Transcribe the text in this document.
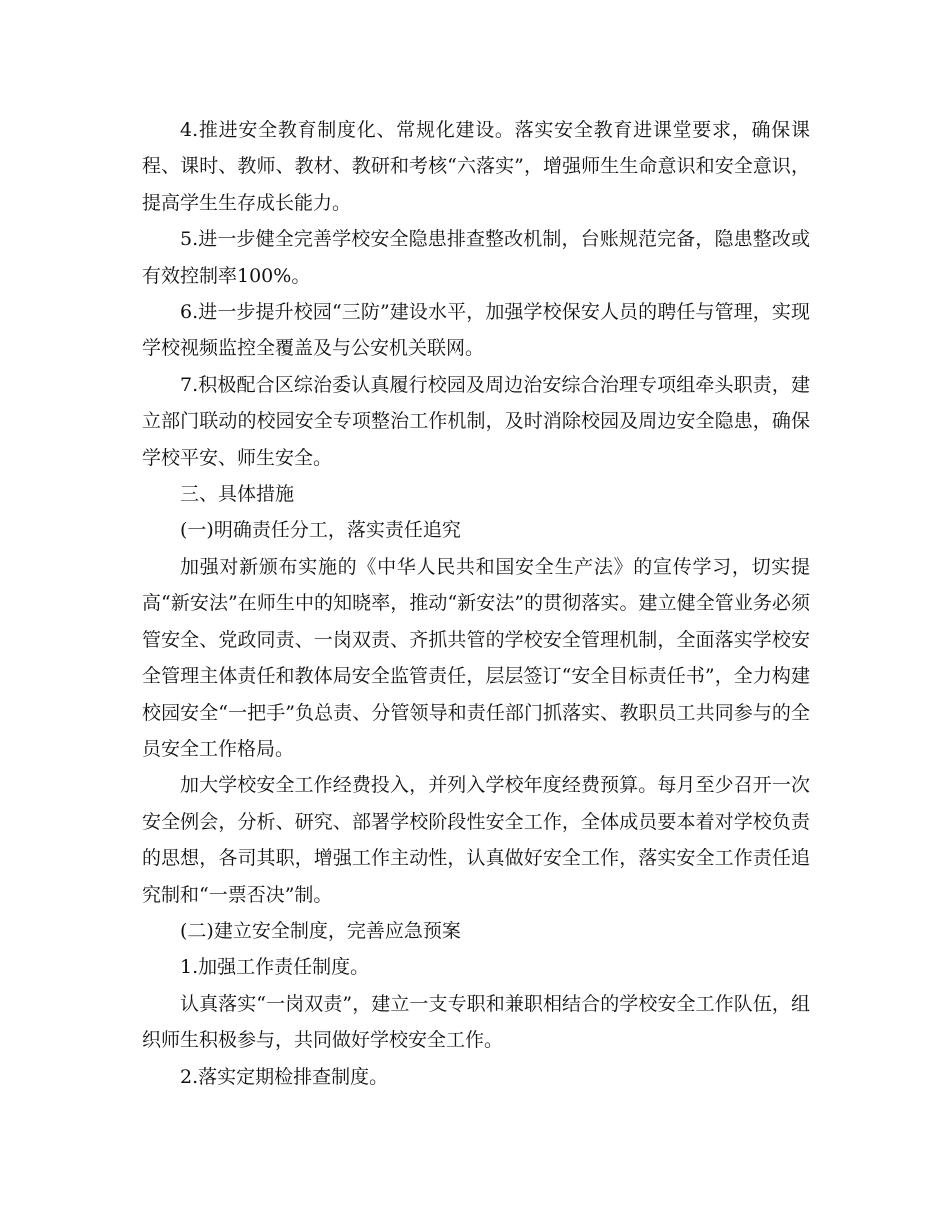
4.推进安全教育制度化、常规化建设。落实安全教育进课堂要求，确保课程、课时、教师、教材、教研和考核“六落实”，增强师生生命意识和安全意识，提高学生生存成长能力。

5.进一步健全完善学校安全隐患排查整改机制，台账规范完备，隐患整改或有效控制率100%。

6.进一步提升校园“三防”建设水平，加强学校保安人员的聘任与管理，实现学校视频监控全覆盖及与公安机关联网。

7.积极配合区综治委认真履行校园及周边治安综合治理专项组牵头职责，建立部门联动的校园安全专项整治工作机制，及时消除校园及周边安全隐患，确保学校平安、师生安全。

三、具体措施

(一)明确责任分工，落实责任追究

加强对新颁布实施的《中华人民共和国安全生产法》的宣传学习，切实提高“新安法”在师生中的知晓率，推动“新安法”的贯彻落实。建立健全管业务必须管安全、党政同责、一岗双责、齐抓共管的学校安全管理机制，全面落实学校安全管理主体责任和教体局安全监管责任，层层签订“安全目标责任书”，全力构建校园安全“一把手”负总责、分管领导和责任部门抓落实、教职员工共同参与的全员安全工作格局。

加大学校安全工作经费投入，并列入学校年度经费预算。每月至少召开一次安全例会，分析、研究、部署学校阶段性安全工作，全体成员要本着对学校负责的思想，各司其职，增强工作主动性，认真做好安全工作，落实安全工作责任追究制和“一票否决”制。

(二)建立安全制度，完善应急预案

1.加强工作责任制度。

认真落实“一岗双责”，建立一支专职和兼职相结合的学校安全工作队伍，组织师生积极参与，共同做好学校安全工作。

2.落实定期检排查制度。
